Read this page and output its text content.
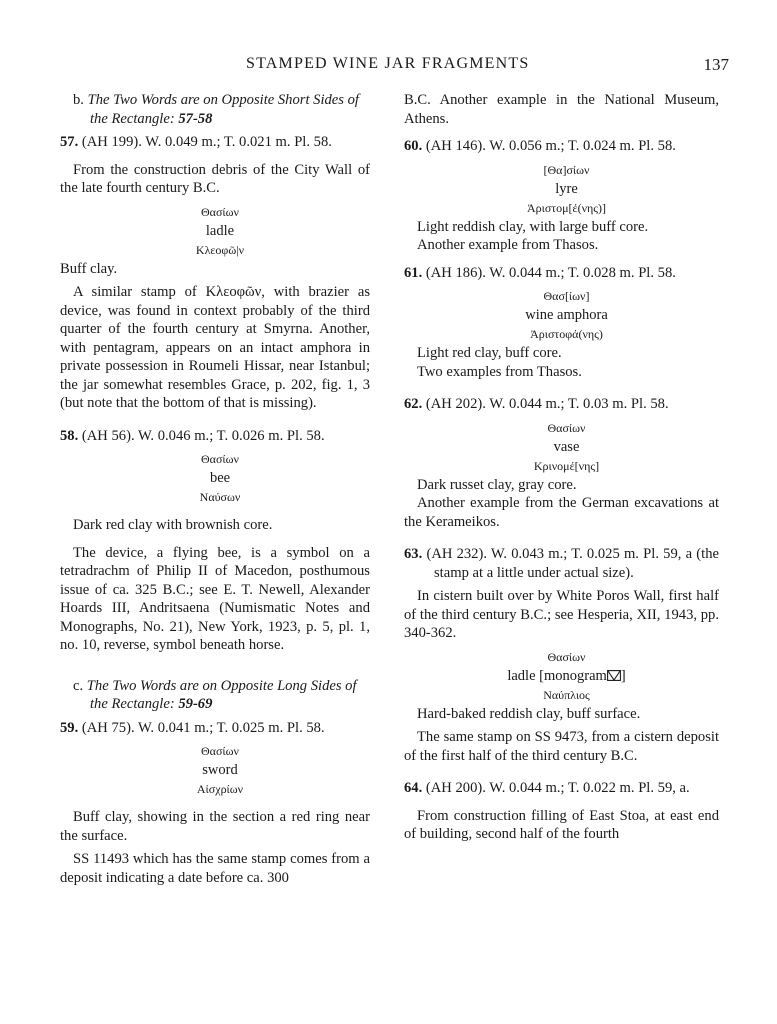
STAMPED WINE JAR FRAGMENTS	137

b. The Two Words are on Opposite Short Sides of the Rectangle: 57-58

57. (AH 199). W. 0.049 m.; T. 0.021 m. Pl. 58.

From the construction debris of the City Wall of the late fourth century B.C.

Θασίων
ladle
Κλεοφῶ|ν

Buff clay.

A similar stamp of Κλεοφῶν, with brazier as device, was found in context probably of the third quarter of the fourth century at Smyrna. Another, with pentagram, appears on an intact amphora in private possession in Roumeli Hissar, near Istanbul; the jar somewhat resembles Grace, p. 202, fig. 1, 3 (but note that the bottom of that is missing).

58. (AH 56). W. 0.046 m.; T. 0.026 m. Pl. 58.

Θασίων
bee
Ναύσων

Dark red clay with brownish core.

The device, a flying bee, is a symbol on a tetradrachm of Philip II of Macedon, posthumous issue of ca. 325 B.C.; see E. T. Newell, Alexander Hoards III, Andritsaena (Numismatic Notes and Monographs, No. 21), New York, 1923, p. 5, pl. 1, no. 10, reverse, symbol beneath horse.

c. The Two Words are on Opposite Long Sides of the Rectangle: 59-69

59. (AH 75). W. 0.041 m.; T. 0.025 m. Pl. 58.

Θασίων
sword
Αἰσχρίων

Buff clay, showing in the section a red ring near the surface.

SS 11493 which has the same stamp comes from a deposit indicating a date before ca. 300

B.C. Another example in the National Museum, Athens.

60. (AH 146). W. 0.056 m.; T. 0.024 m. Pl. 58.

[Θα]σίων
lyre
Ἀριστομ[έ(νης)]

Light reddish clay, with large buff core.

Another example from Thasos.

61. (AH 186). W. 0.044 m.; T. 0.028 m. Pl. 58.

Θασ[ίων]
wine amphora
Ἀριστοφά(νης)

Light red clay, buff core.

Two examples from Thasos.

62. (AH 202). W. 0.044 m.; T. 0.03 m. Pl. 58.

Θασίων
vase
Κρινομέ[νης]

Dark russet clay, gray core.

Another example from the German excavations at the Kerameikos.

63. (AH 232). W. 0.043 m.; T. 0.025 m. Pl. 59, a (the stamp at a little under actual size).

In cistern built over by White Poros Wall, first half of the third century B.C.; see Hesperia, XII, 1943, pp. 340-362.

Θασίων
ladle [monogram ]
Ναύπλιος

Hard-baked reddish clay, buff surface.

The same stamp on SS 9473, from a cistern deposit of the first half of the third century B.C.

64. (AH 200). W. 0.044 m.; T. 0.022 m. Pl. 59, a.

From construction filling of East Stoa, at east end of building, second half of the fourth
